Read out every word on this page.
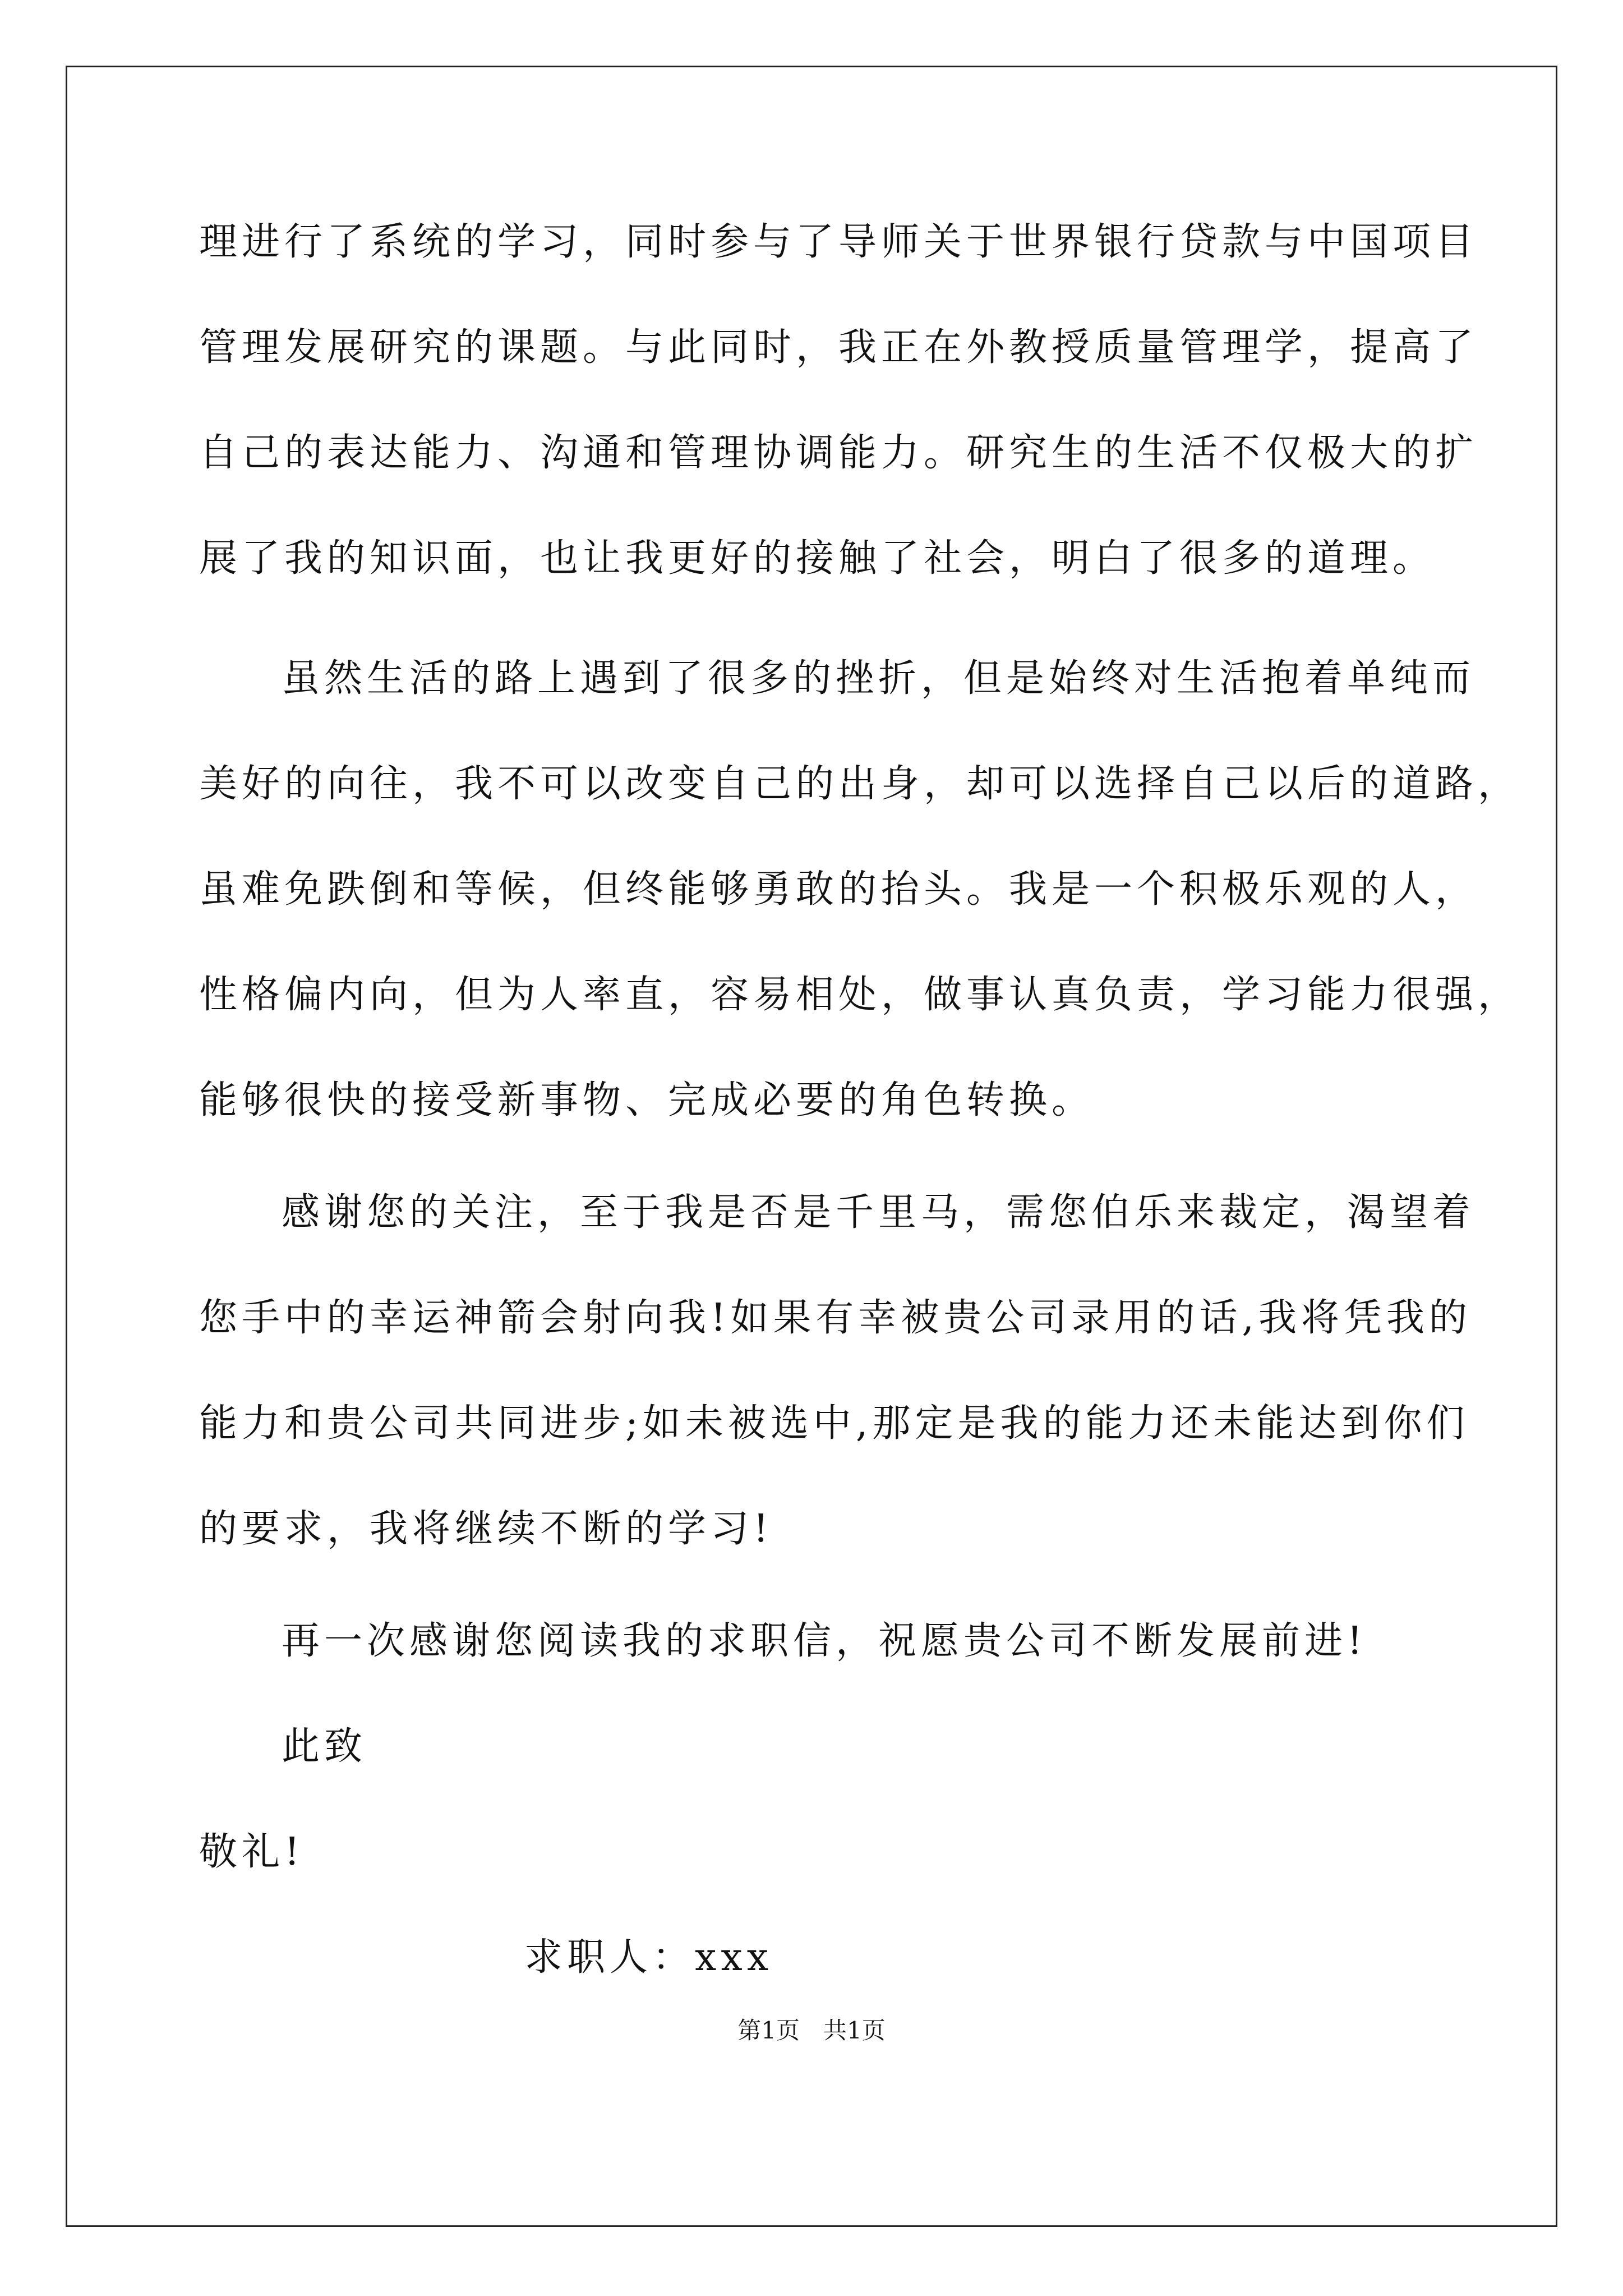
理进行了系统的学习，同时参与了导师关于世界银行贷款与中国项目
管理发展研究的课题。与此同时，我正在外教授质量管理学，提高了
自己的表达能力、沟通和管理协调能力。研究生的生活不仅极大的扩
展了我的知识面，也让我更好的接触了社会，明白了很多的道理。
虽然生活的路上遇到了很多的挫折，但是始终对生活抱着单纯而
美好的向往，我不可以改变自己的出身，却可以选择自己以后的道路，
虽难免跌倒和等候，但终能够勇敢的抬头。我是一个积极乐观的人，
性格偏内向，但为人率直，容易相处，做事认真负责，学习能力很强，
能够很快的接受新事物、完成必要的角色转换。
感谢您的关注，至于我是否是千里马，需您伯乐来裁定，渴望着
您手中的幸运神箭会射向我!如果有幸被贵公司录用的话,我将凭我的
能力和贵公司共同进步;如未被选中,那定是我的能力还未能达到你们
的要求，我将继续不断的学习!
再一次感谢您阅读我的求职信，祝愿贵公司不断发展前进!
此致
敬礼!
求职人：xxx
第1页　共1页
